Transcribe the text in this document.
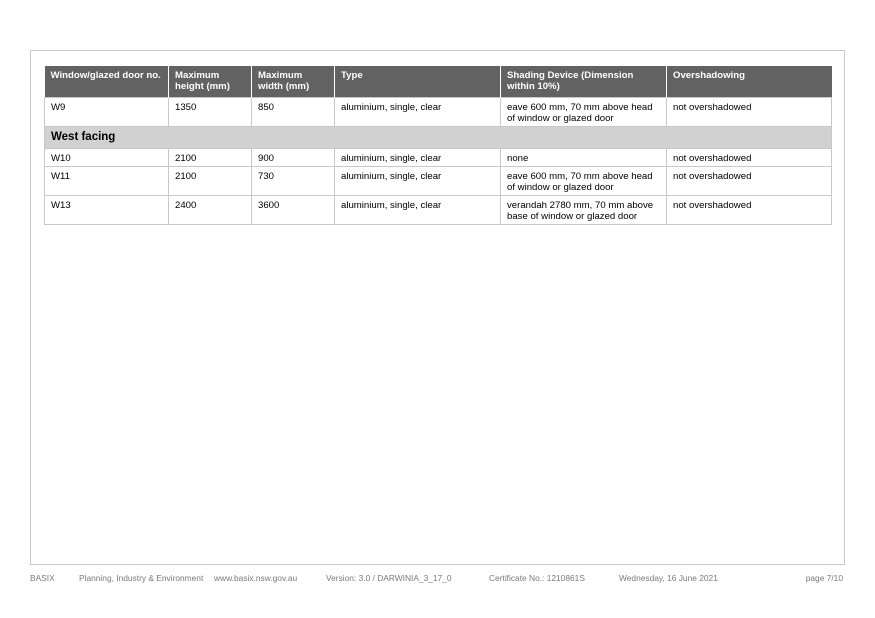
Window/glazed door no.	Maximum height (mm)	Maximum width (mm)	Type	Shading Device (Dimension within 10%)	Overshadowing
W9	1350	850	aluminium, single, clear	eave 600 mm, 70 mm above head of window or glazed door	not overshadowed
West facing					
W10	2100	900	aluminium, single, clear	none	not overshadowed
W11	2100	730	aluminium, single, clear	eave 600 mm, 70 mm above head of window or glazed door	not overshadowed
W13	2400	3600	aluminium, single, clear	verandah 2780 mm, 70 mm above base of window or glazed door	not overshadowed
BASIX	Planning, Industry & Environment www.basix.nsw.gov.au	Version: 3.0 / DARWINIA_3_17_0	Certificate No.: 1210861S	Wednesday, 16 June 2021	page 7/10
